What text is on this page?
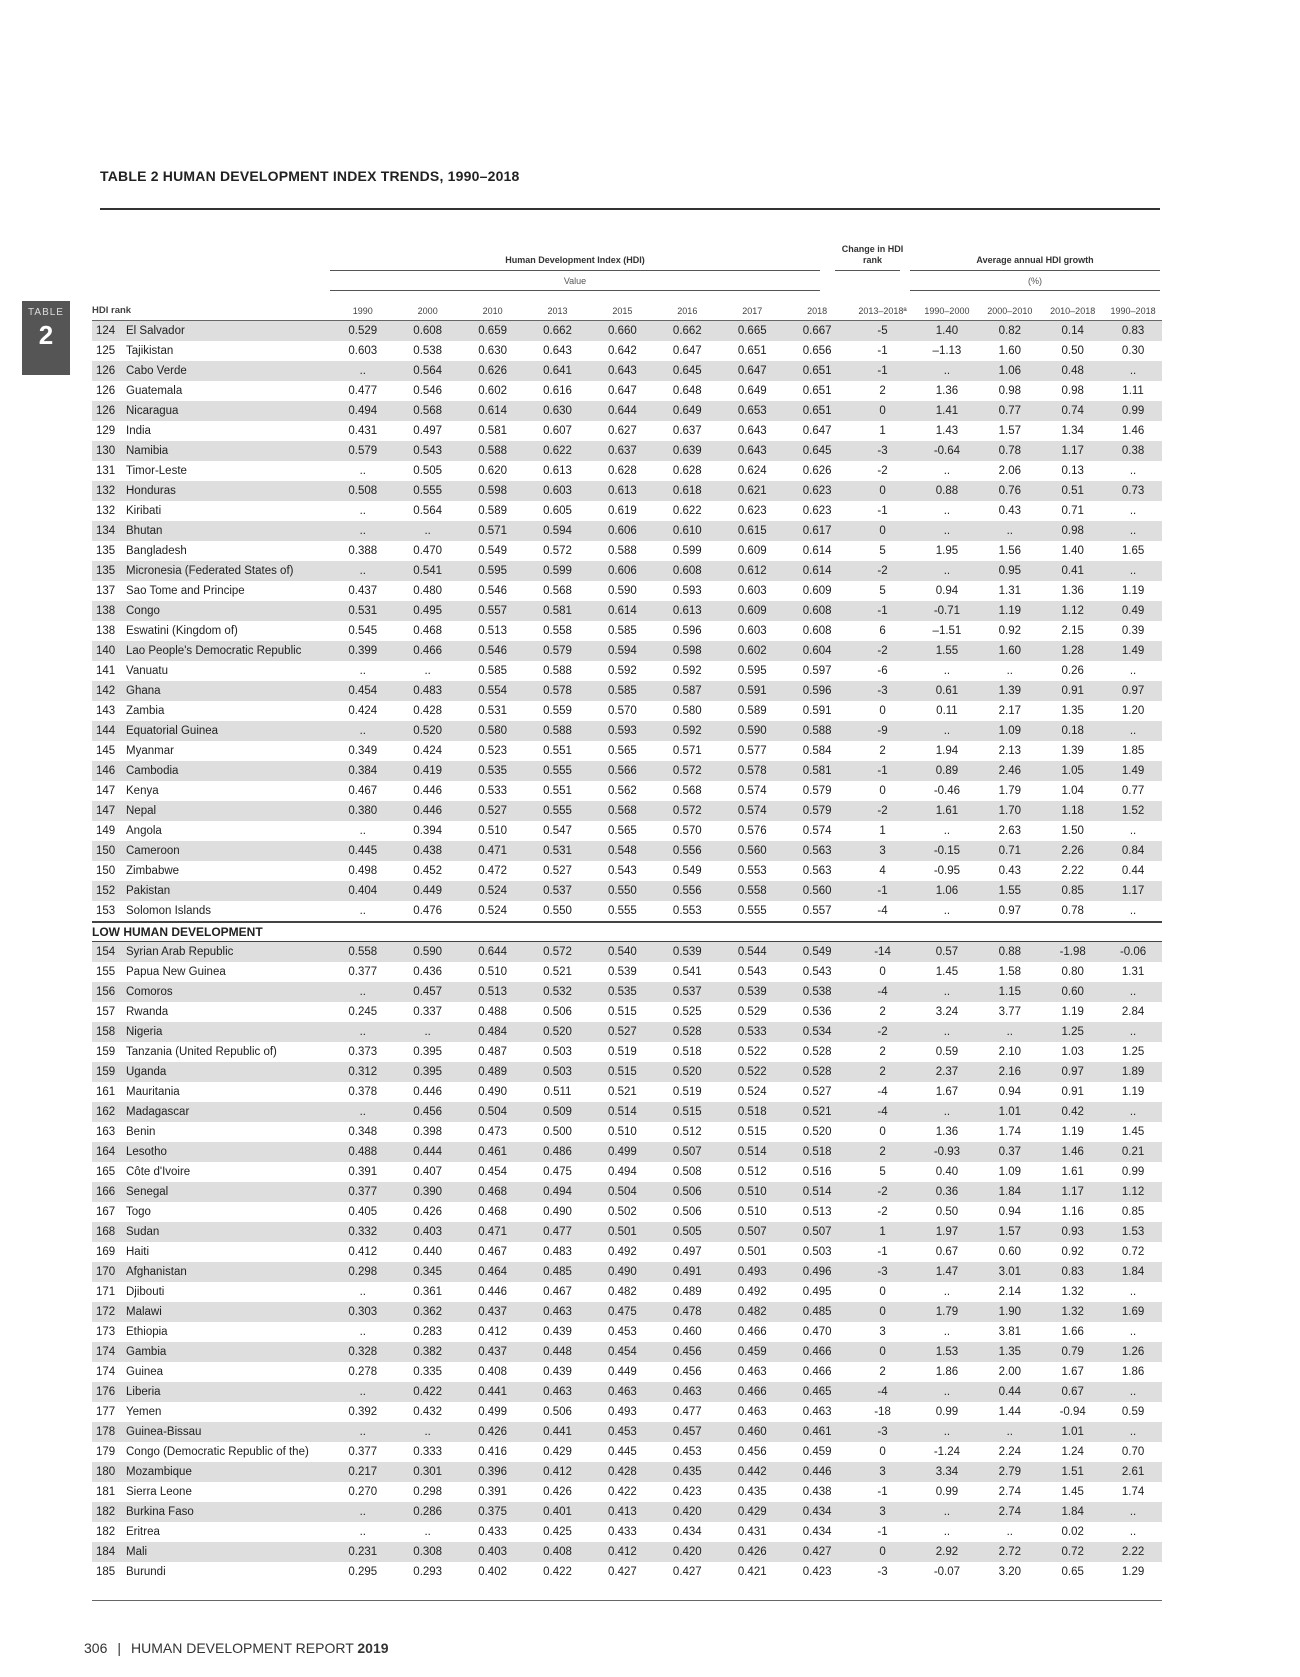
TABLE
2
TABLE 2 HUMAN DEVELOPMENT INDEX TRENDS, 1990–2018
Human Development Index (HDI)
Value
Change in HDI rank	Average annual HDI growth
(%)
HDI rank	1990	2000	2010	2013	2015	2016	2017	2018	2013–2018ª	1990–2000	2000–2010	2010–2018	1990–2018
124 El Salvador	0.529	0.608	0.659	0.662	0.660	0.662	0.665	0.667	-5	1.40	0.82	0.14	0.83
125 Tajikistan	0.603	0.538	0.630	0.643	0.642	0.647	0.651	0.656	-1	–1.13	1.60	0.50	0.30
126 Cabo Verde	..	0.564	0.626	0.641	0.643	0.645	0.647	0.651	-1	..	1.06	0.48	..
126 Guatemala	0.477	0.546	0.602	0.616	0.647	0.648	0.649	0.651	2	1.36	0.98	0.98	1.11
126 Nicaragua	0.494	0.568	0.614	0.630	0.644	0.649	0.653	0.651	0	1.41	0.77	0.74	0.99
129 India	0.431	0.497	0.581	0.607	0.627	0.637	0.643	0.647	1	1.43	1.57	1.34	1.46
130 Namibia	0.579	0.543	0.588	0.622	0.637	0.639	0.643	0.645	-3	-0.64	0.78	1.17	0.38
131 Timor-Leste	..	0.505	0.620	0.613	0.628	0.628	0.624	0.626	-2	..	2.06	0.13	..
132 Honduras	0.508	0.555	0.598	0.603	0.613	0.618	0.621	0.623	0	0.88	0.76	0.51	0.73
132 Kiribati	..	0.564	0.589	0.605	0.619	0.622	0.623	0.623	-1	..	0.43	0.71	..
134 Bhutan	..	..	0.571	0.594	0.606	0.610	0.615	0.617	0	..	..	0.98	..
135 Bangladesh	0.388	0.470	0.549	0.572	0.588	0.599	0.609	0.614	5	1.95	1.56	1.40	1.65
135 Micronesia (Federated States of)	..	0.541	0.595	0.599	0.606	0.608	0.612	0.614	-2	..	0.95	0.41	..
137 Sao Tome and Principe	0.437	0.480	0.546	0.568	0.590	0.593	0.603	0.609	5	0.94	1.31	1.36	1.19
138 Congo	0.531	0.495	0.557	0.581	0.614	0.613	0.609	0.608	-1	-0.71	1.19	1.12	0.49
138 Eswatini (Kingdom of)	0.545	0.468	0.513	0.558	0.585	0.596	0.603	0.608	6	–1.51	0.92	2.15	0.39
140 Lao People's Democratic Republic	0.399	0.466	0.546	0.579	0.594	0.598	0.602	0.604	-2	1.55	1.60	1.28	1.49
141 Vanuatu	..	..	0.585	0.588	0.592	0.592	0.595	0.597	-6	..	..	0.26	..
142 Ghana	0.454	0.483	0.554	0.578	0.585	0.587	0.591	0.596	-3	0.61	1.39	0.91	0.97
143 Zambia	0.424	0.428	0.531	0.559	0.570	0.580	0.589	0.591	0	0.11	2.17	1.35	1.20
144 Equatorial Guinea	..	0.520	0.580	0.588	0.593	0.592	0.590	0.588	-9	..	1.09	0.18	..
145 Myanmar	0.349	0.424	0.523	0.551	0.565	0.571	0.577	0.584	2	1.94	2.13	1.39	1.85
146 Cambodia	0.384	0.419	0.535	0.555	0.566	0.572	0.578	0.581	-1	0.89	2.46	1.05	1.49
147 Kenya	0.467	0.446	0.533	0.551	0.562	0.568	0.574	0.579	0	-0.46	1.79	1.04	0.77
147 Nepal	0.380	0.446	0.527	0.555	0.568	0.572	0.574	0.579	-2	1.61	1.70	1.18	1.52
149 Angola	..	0.394	0.510	0.547	0.565	0.570	0.576	0.574	1	..	2.63	1.50	..
150 Cameroon	0.445	0.438	0.471	0.531	0.548	0.556	0.560	0.563	3	-0.15	0.71	2.26	0.84
150 Zimbabwe	0.498	0.452	0.472	0.527	0.543	0.549	0.553	0.563	4	-0.95	0.43	2.22	0.44
152 Pakistan	0.404	0.449	0.524	0.537	0.550	0.556	0.558	0.560	-1	1.06	1.55	0.85	1.17
153 Solomon Islands	..	0.476	0.524	0.550	0.555	0.553	0.555	0.557	-4	..	0.97	0.78	..
LOW HUMAN DEVELOPMENT													
154 Syrian Arab Republic	0.558	0.590	0.644	0.572	0.540	0.539	0.544	0.549	-14	0.57	0.88	-1.98	-0.06
155 Papua New Guinea	0.377	0.436	0.510	0.521	0.539	0.541	0.543	0.543	0	1.45	1.58	0.80	1.31
156 Comoros	..	0.457	0.513	0.532	0.535	0.537	0.539	0.538	-4	..	1.15	0.60	..
157 Rwanda	0.245	0.337	0.488	0.506	0.515	0.525	0.529	0.536	2	3.24	3.77	1.19	2.84
158 Nigeria	..	..	0.484	0.520	0.527	0.528	0.533	0.534	-2	..	..	1.25	..
159 Tanzania (United Republic of)	0.373	0.395	0.487	0.503	0.519	0.518	0.522	0.528	2	0.59	2.10	1.03	1.25
159 Uganda	0.312	0.395	0.489	0.503	0.515	0.520	0.522	0.528	2	2.37	2.16	0.97	1.89
161 Mauritania	0.378	0.446	0.490	0.511	0.521	0.519	0.524	0.527	-4	1.67	0.94	0.91	1.19
162 Madagascar	..	0.456	0.504	0.509	0.514	0.515	0.518	0.521	-4	..	1.01	0.42	..
163 Benin	0.348	0.398	0.473	0.500	0.510	0.512	0.515	0.520	0	1.36	1.74	1.19	1.45
164 Lesotho	0.488	0.444	0.461	0.486	0.499	0.507	0.514	0.518	2	-0.93	0.37	1.46	0.21
165 Côte d'Ivoire	0.391	0.407	0.454	0.475	0.494	0.508	0.512	0.516	5	0.40	1.09	1.61	0.99
166 Senegal	0.377	0.390	0.468	0.494	0.504	0.506	0.510	0.514	-2	0.36	1.84	1.17	1.12
167 Togo	0.405	0.426	0.468	0.490	0.502	0.506	0.510	0.513	-2	0.50	0.94	1.16	0.85
168 Sudan	0.332	0.403	0.471	0.477	0.501	0.505	0.507	0.507	1	1.97	1.57	0.93	1.53
169 Haiti	0.412	0.440	0.467	0.483	0.492	0.497	0.501	0.503	-1	0.67	0.60	0.92	0.72
170 Afghanistan	0.298	0.345	0.464	0.485	0.490	0.491	0.493	0.496	-3	1.47	3.01	0.83	1.84
171 Djibouti	..	0.361	0.446	0.467	0.482	0.489	0.492	0.495	0	..	2.14	1.32	..
172 Malawi	0.303	0.362	0.437	0.463	0.475	0.478	0.482	0.485	0	1.79	1.90	1.32	1.69
173 Ethiopia	..	0.283	0.412	0.439	0.453	0.460	0.466	0.470	3	..	3.81	1.66	..
174 Gambia	0.328	0.382	0.437	0.448	0.454	0.456	0.459	0.466	0	1.53	1.35	0.79	1.26
174 Guinea	0.278	0.335	0.408	0.439	0.449	0.456	0.463	0.466	2	1.86	2.00	1.67	1.86
176 Liberia	..	0.422	0.441	0.463	0.463	0.463	0.466	0.465	-4	..	0.44	0.67	..
177 Yemen	0.392	0.432	0.499	0.506	0.493	0.477	0.463	0.463	-18	0.99	1.44	-0.94	0.59
178 Guinea-Bissau	..	..	0.426	0.441	0.453	0.457	0.460	0.461	-3	..	..	1.01	..
179 Congo (Democratic Republic of the)	0.377	0.333	0.416	0.429	0.445	0.453	0.456	0.459	0	-1.24	2.24	1.24	0.70
180 Mozambique	0.217	0.301	0.396	0.412	0.428	0.435	0.442	0.446	3	3.34	2.79	1.51	2.61
181 Sierra Leone	0.270	0.298	0.391	0.426	0.422	0.423	0.435	0.438	-1	0.99	2.74	1.45	1.74
182 Burkina Faso	..	0.286	0.375	0.401	0.413	0.420	0.429	0.434	3	..	2.74	1.84	..
182 Eritrea	..	..	0.433	0.425	0.433	0.434	0.431	0.434	-1	..	..	0.02	..
184 Mali	0.231	0.308	0.403	0.408	0.412	0.420	0.426	0.427	0	2.92	2.72	0.72	2.22
185 Burundi	0.295	0.293	0.402	0.422	0.427	0.427	0.421	0.423	-3	-0.07	3.20	0.65	1.29
306 | HUMAN DEVELOPMENT REPORT 2019
